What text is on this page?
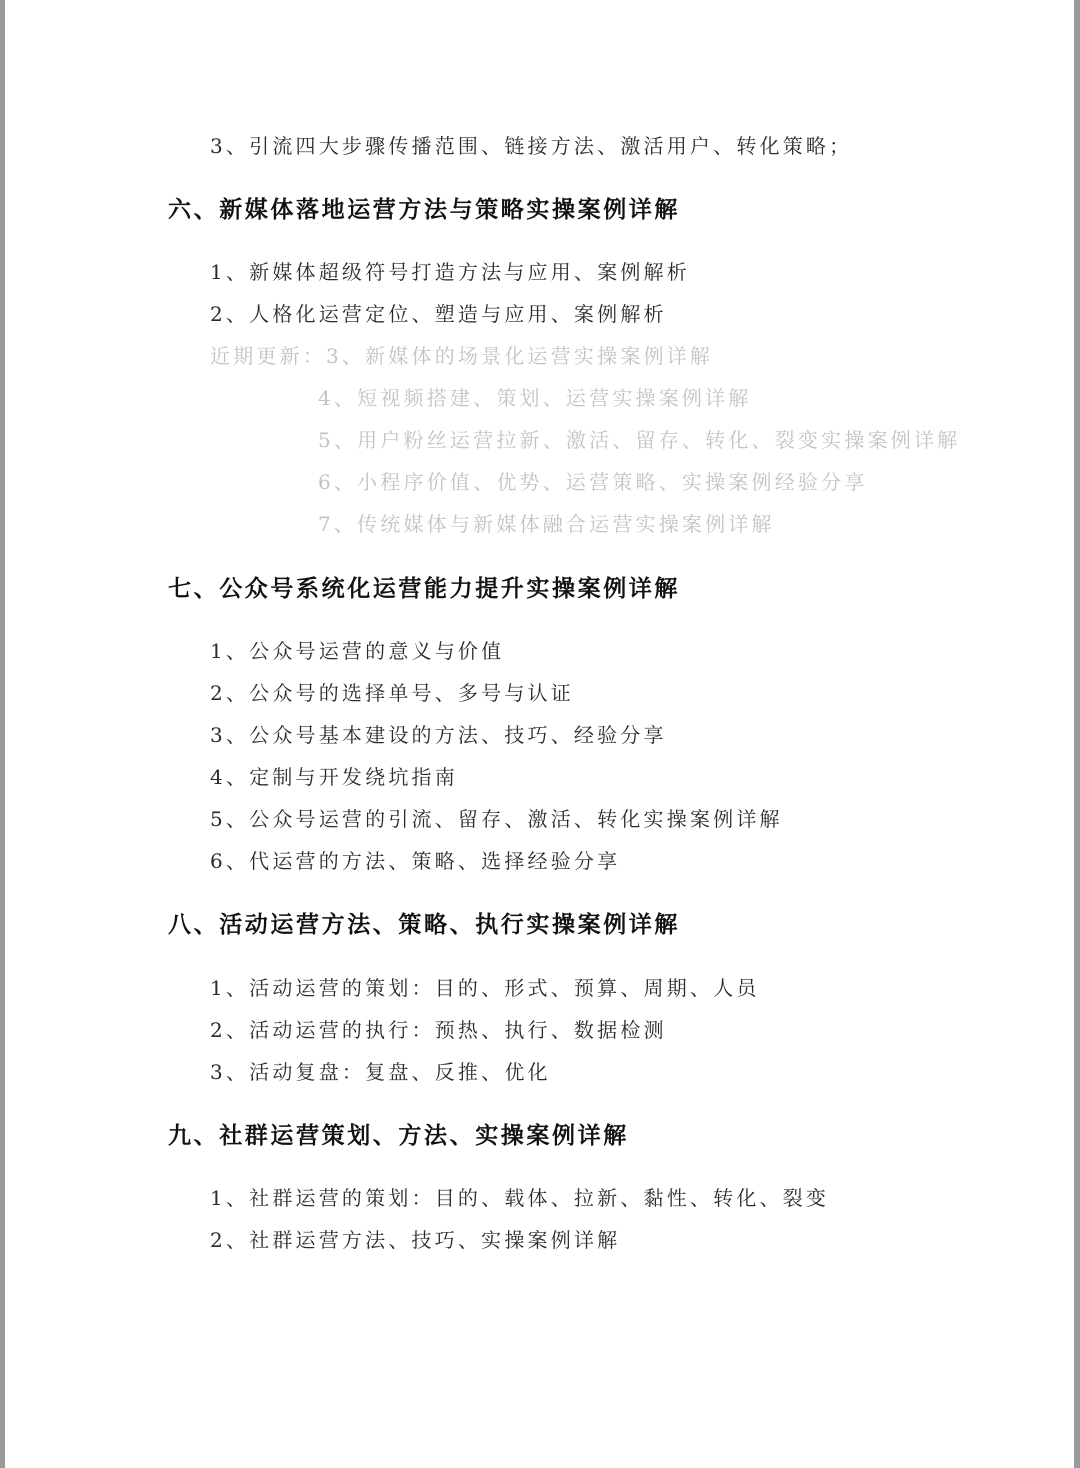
3、引流四大步骤传播范围、链接方法、激活用户、转化策略；
六、新媒体落地运营方法与策略实操案例详解
1、新媒体超级符号打造方法与应用、案例解析
2、人格化运营定位、塑造与应用、案例解析
近期更新：3、新媒体的场景化运营实操案例详解
4、短视频搭建、策划、运营实操案例详解
5、用户粉丝运营拉新、激活、留存、转化、裂变实操案例详解
6、小程序价值、优势、运营策略、实操案例经验分享
7、传统媒体与新媒体融合运营实操案例详解
七、公众号系统化运营能力提升实操案例详解
1、公众号运营的意义与价值
2、公众号的选择单号、多号与认证
3、公众号基本建设的方法、技巧、经验分享
4、定制与开发绕坑指南
5、公众号运营的引流、留存、激活、转化实操案例详解
6、代运营的方法、策略、选择经验分享
八、活动运营方法、策略、执行实操案例详解
1、活动运营的策划：目的、形式、预算、周期、人员
2、活动运营的执行：预热、执行、数据检测
3、活动复盘：复盘、反推、优化
九、社群运营策划、方法、实操案例详解
1、社群运营的策划：目的、载体、拉新、黏性、转化、裂变
2、社群运营方法、技巧、实操案例详解
